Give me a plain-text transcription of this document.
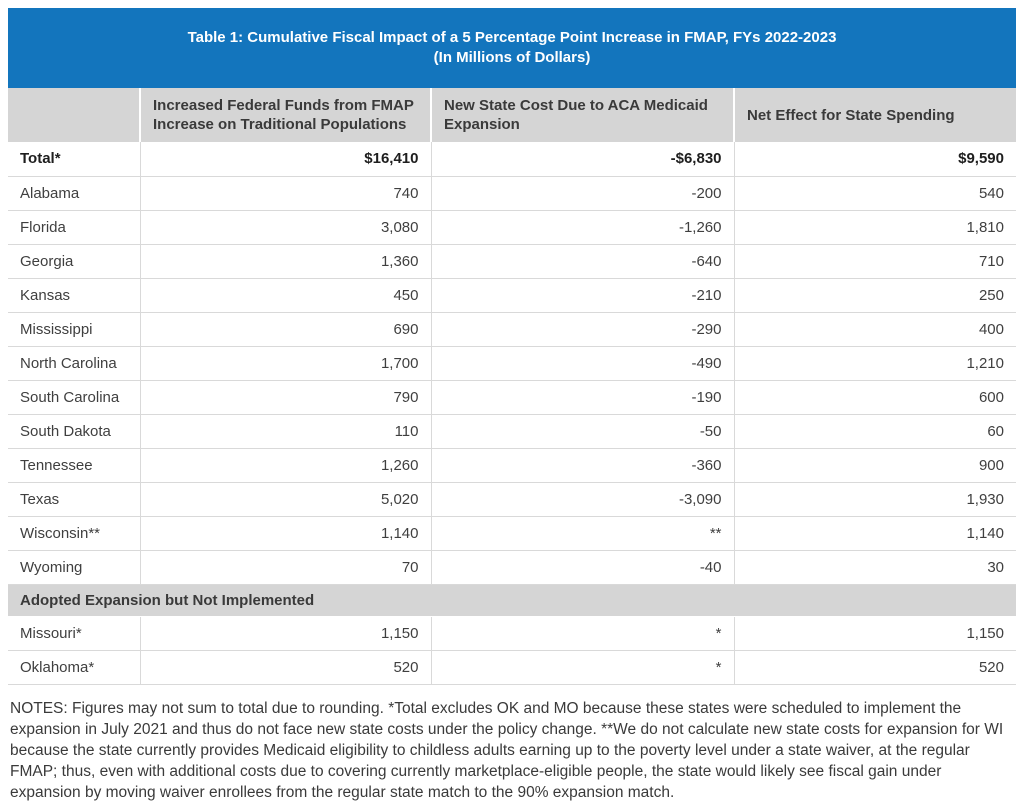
Table 1: Cumulative Fiscal Impact of a 5 Percentage Point Increase in FMAP, FYs 2022-2023
(In Millions of Dollars)
	Increased Federal Funds from FMAP Increase on Traditional Populations	New State Cost Due to ACA Medicaid Expansion	Net Effect for State Spending
Total*	$16,410	-$6,830	$9,590
Alabama	740	-200	540
Florida	3,080	-1,260	1,810
Georgia	1,360	-640	710
Kansas	450	-210	250
Mississippi	690	-290	400
North Carolina	1,700	-490	1,210
South Carolina	790	-190	600
South Dakota	110	-50	60
Tennessee	1,260	-360	900
Texas	5,020	-3,090	1,930
Wisconsin**	1,140	**	1,140
Wyoming	70	-40	30
Adopted Expansion but Not Implemented			
Missouri*	1,150	*	1,150
Oklahoma*	520	*	520

NOTES: Figures may not sum to total due to rounding. *Total excludes OK and MO because these states were scheduled to implement the expansion in July 2021 and thus do not face new state costs under the policy change. **We do not calculate new state costs for expansion for WI because the state currently provides Medicaid eligibility to childless adults earning up to the poverty level under a state waiver, at the regular FMAP; thus, even with additional costs due to covering currently marketplace-eligible people, the state would likely see fiscal gain under expansion by moving waiver enrollees from the regular state match to the 90% expansion match.
